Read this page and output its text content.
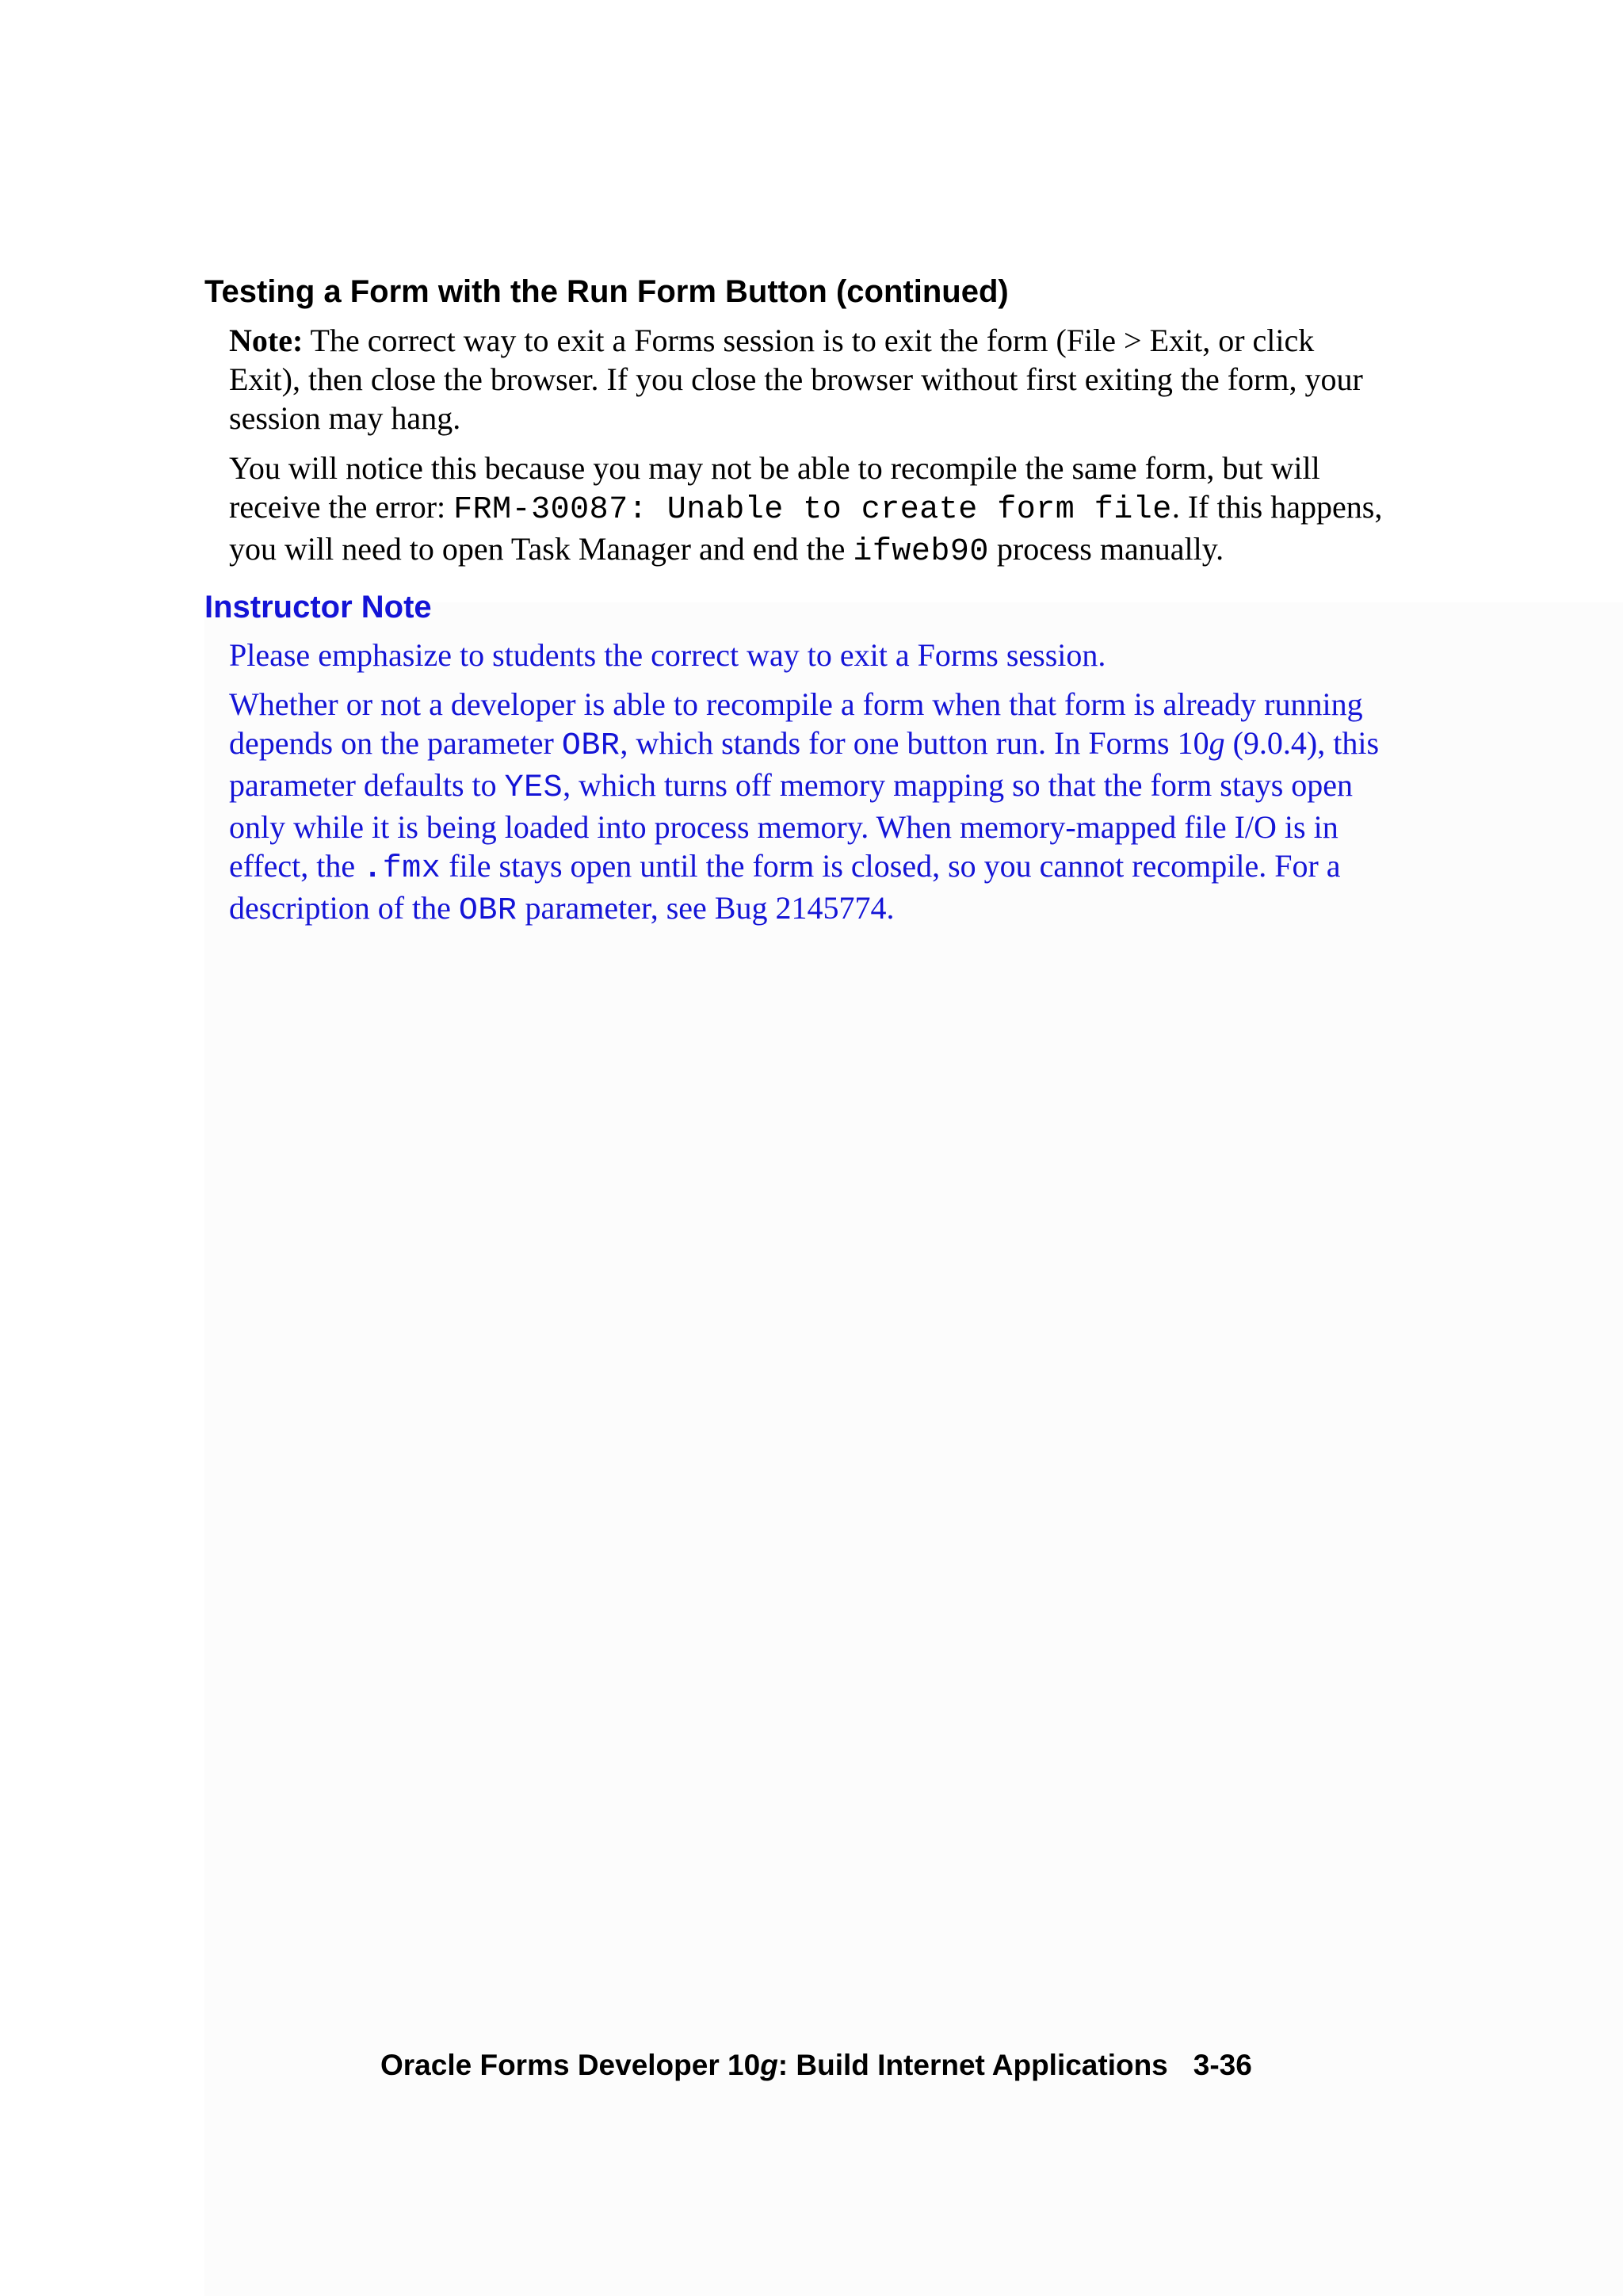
Testing a Form with the Run Form Button (continued)

Note: The correct way to exit a Forms session is to exit the form (File > Exit, or click
Exit), then close the browser. If you close the browser without first exiting the form, your
session may hang.

You will notice this because you may not be able to recompile the same form, but will
receive the error: FRM-30087: Unable to create form file. If this happens,
you will need to open Task Manager and end the ifweb90 process manually.

Instructor Note

Please emphasize to students the correct way to exit a Forms session.

Whether or not a developer is able to recompile a form when that form is already running
depends on the parameter OBR, which stands for one button run. In Forms 10g (9.0.4), this
parameter defaults to YES, which turns off memory mapping so that the form stays open
only while it is being loaded into process memory. When memory-mapped file I/O is in
effect, the .fmx file stays open until the form is closed, so you cannot recompile. For a
description of the OBR parameter, see Bug 2145774.

Oracle Forms Developer 10g: Build Internet Applications 3-36
